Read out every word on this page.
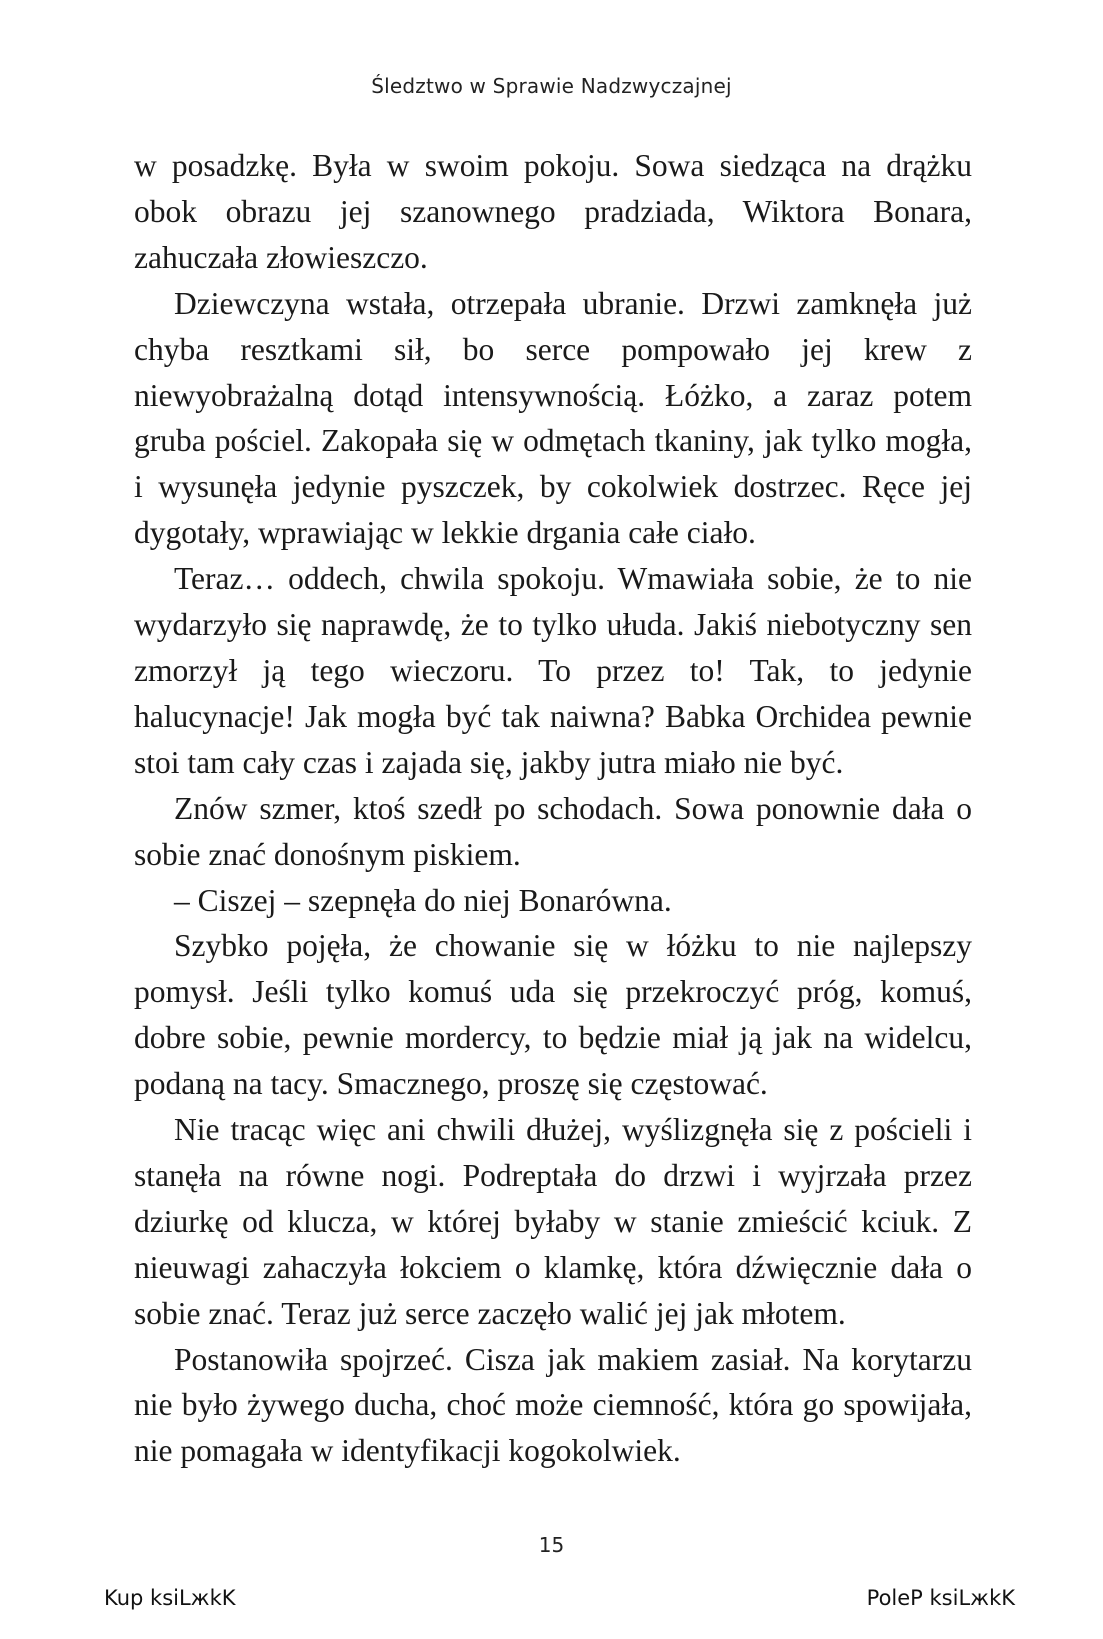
Śledztwo w Sprawie Nadzwyczajnej

w posadzkę. Była w swoim pokoju. Sowa siedząca na drążku obok obrazu jej szanownego pradziada, Wiktora Bonara, zahuczała złowieszczo.

Dziewczyna wstała, otrzepała ubranie. Drzwi zamknęła już chyba resztkami sił, bo serce pompowało jej krew z niewyobrażalną dotąd intensywnością. Łóżko, a zaraz potem gruba pościel. Zakopała się w odmętach tkaniny, jak tylko mogła, i wysunęła jedynie pyszczek, by cokolwiek dostrzec. Ręce jej dygotały, wprawiając w lekkie drgania całe ciało.

Teraz… oddech, chwila spokoju. Wmawiała sobie, że to nie wydarzyło się naprawdę, że to tylko ułuda. Jakiś niebotyczny sen zmorzył ją tego wieczoru. To przez to! Tak, to jedynie halucynacje! Jak mogła być tak naiwna? Babka Orchidea pewnie stoi tam cały czas i zajada się, jakby jutra miało nie być.

Znów szmer, ktoś szedł po schodach. Sowa ponownie dała o sobie znać donośnym piskiem.

– Ciszej – szepnęła do niej Bonarówna.

Szybko pojęła, że chowanie się w łóżku to nie najlepszy pomysł. Jeśli tylko komuś uda się przekroczyć próg, komuś, dobre sobie, pewnie mordercy, to będzie miał ją jak na widelcu, podaną na tacy. Smacznego, proszę się częstować.

Nie tracąc więc ani chwili dłużej, wyślizgnęła się z pościeli i stanęła na równe nogi. Podreptała do drzwi i wyjrzała przez dziurkę od klucza, w której byłaby w stanie zmieścić kciuk. Z nieuwagi zahaczyła łokciem o klamkę, która dźwięcznie dała o sobie znać. Teraz już serce zaczęło walić jej jak młotem.

Postanowiła spojrzeć. Cisza jak makiem zasiał. Na korytarzu nie było żywego ducha, choć może ciemność, która go spowijała, nie pomagała w identyfikacji kogokolwiek.

15
Kup ksiLжkK	PoleP ksiLжkK
